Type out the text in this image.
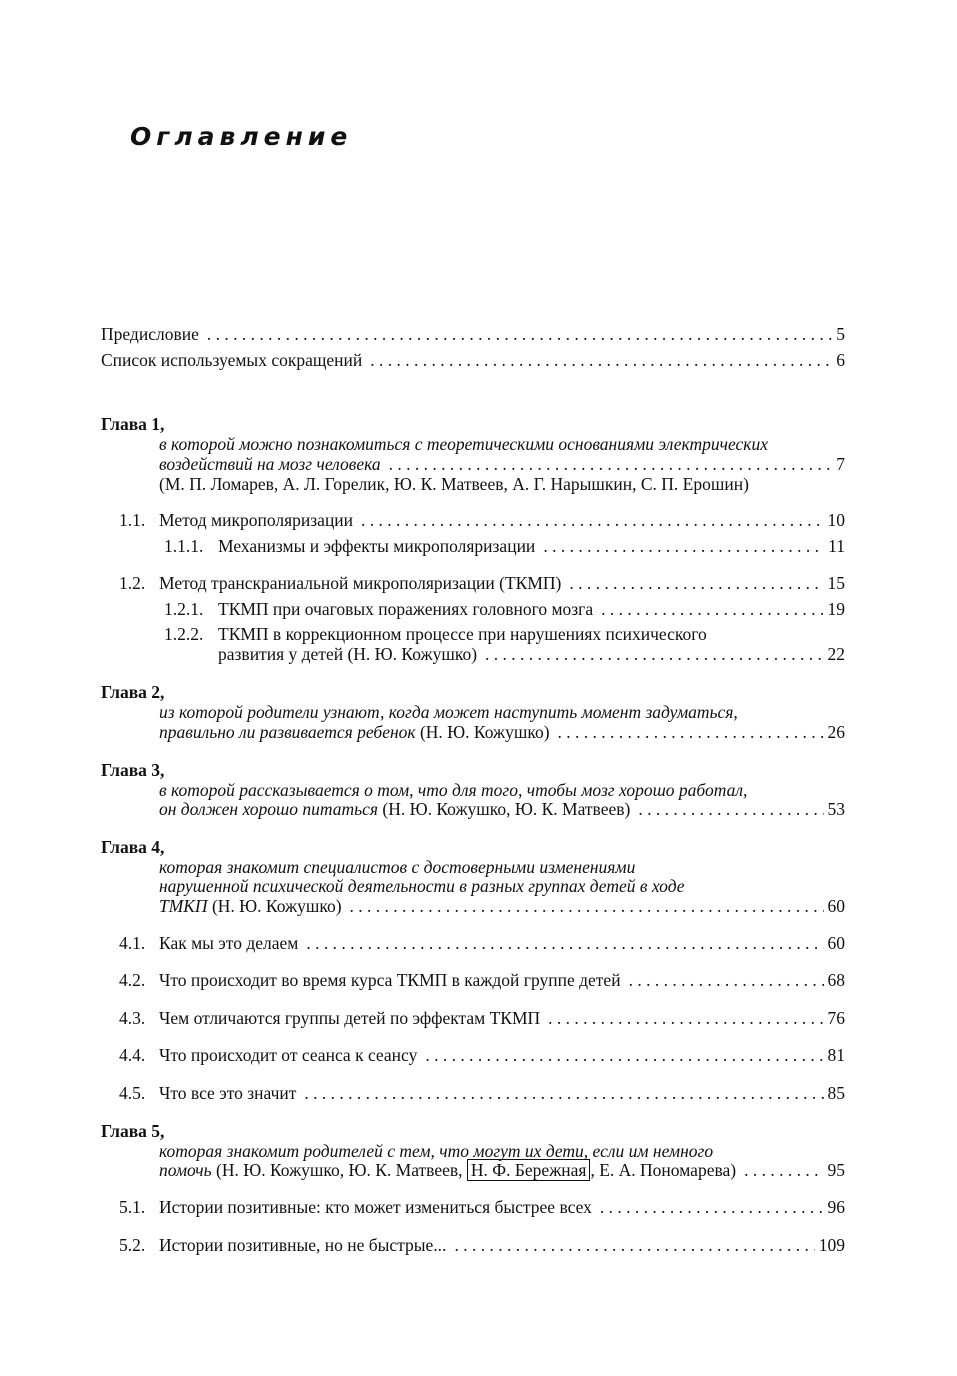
Оглавление
Предисловие . . .	5
Список используемых сокращений . . .	6
Глава 1,
в которой можно познакомиться с теоретическими основаниями электрических
воздействий на мозг человека . . .	7
(М. П. Ломарев, А. Л. Горелик, Ю. К. Матвеев, А. Г. Нарышкин, С. П. Ерошин)
1.1. Метод микрополяризации . . .	10
1.1.1. Механизмы и эффекты микрополяризации . . .	11
1.2. Метод транскраниальной микрополяризации (ТКМП) . . .	15
1.2.1. ТКМП при очаговых поражениях головного мозга . . .	19
1.2.2. ТКМП в коррекционном процессе при нарушениях психического
развития у детей (Н. Ю. Кожушко) . . .	22
Глава 2,
из которой родители узнают, когда может наступить момент задуматься,
правильно ли развивается ребенок (Н. Ю. Кожушко) . . .	26
Глава 3,
в которой рассказывается о том, что для того, чтобы мозг хорошо работал,
он должен хорошо питаться (Н. Ю. Кожушко, Ю. К. Матвеев) . . .	53
Глава 4,
которая знакомит специалистов с достоверными изменениями
нарушенной психической деятельности в разных группах детей в ходе
ТМКП (Н. Ю. Кожушко) . . .	60
4.1. Как мы это делаем . . .	60
4.2. Что происходит во время курса ТКМП в каждой группе детей . . .	68
4.3. Чем отличаются группы детей по эффектам ТКМП . . .	76
4.4. Что происходит от сеанса к сеансу . . .	81
4.5. Что все это значит . . .	85
Глава 5,
которая знакомит родителей с тем, что могут их дети, если им немного
помочь (Н. Ю. Кожушко, Ю. К. Матвеев, Н. Ф. Бережная , Е. А. Пономарева) . . .	95
5.1. Истории позитивные: кто может измениться быстрее всех . . .	96
5.2. Истории позитивные, но не быстрые... . . .	109
